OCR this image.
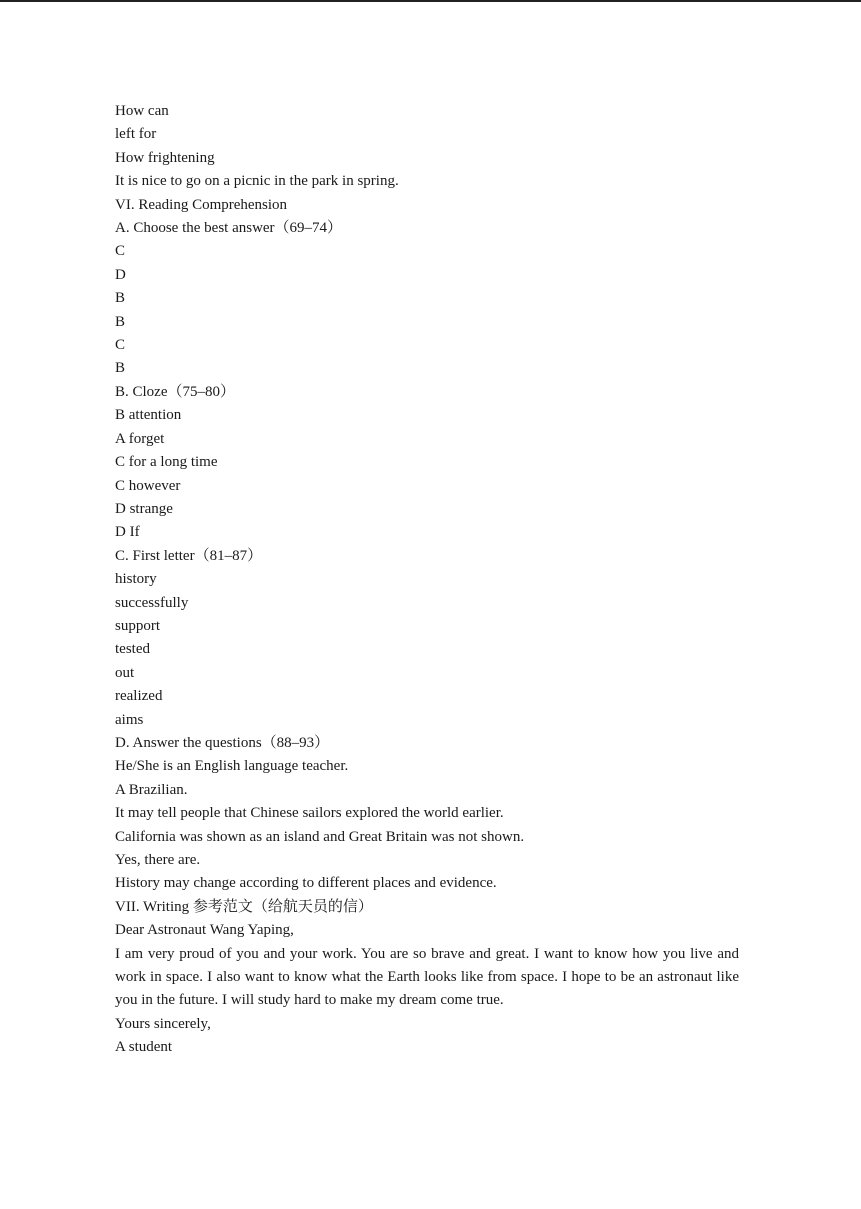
How can

left for

How frightening

It is nice to go on a picnic in the park in spring.

VI. Reading Comprehension

A. Choose the best answer（69–74）

C

D

B

B

C

B

B. Cloze（75–80）

B attention

A forget

C for a long time

C however

D strange

D If

C. First letter（81–87）

history

successfully

support

tested

out

realized

aims

D. Answer the questions（88–93）

He/She is an English language teacher.

A Brazilian.

It may tell people that Chinese sailors explored the world earlier.

California was shown as an island and Great Britain was not shown.

Yes, there are.

History may change according to different places and evidence.

VII. Writing 参考范文（给航天员的信）

Dear Astronaut Wang Yaping,

I am very proud of you and your work. You are so brave and great. I want to know how you live and work in space. I also want to know what the Earth looks like from space. I hope to be an astronaut like you in the future. I will study hard to make my dream come true.

Yours sincerely,

A student
